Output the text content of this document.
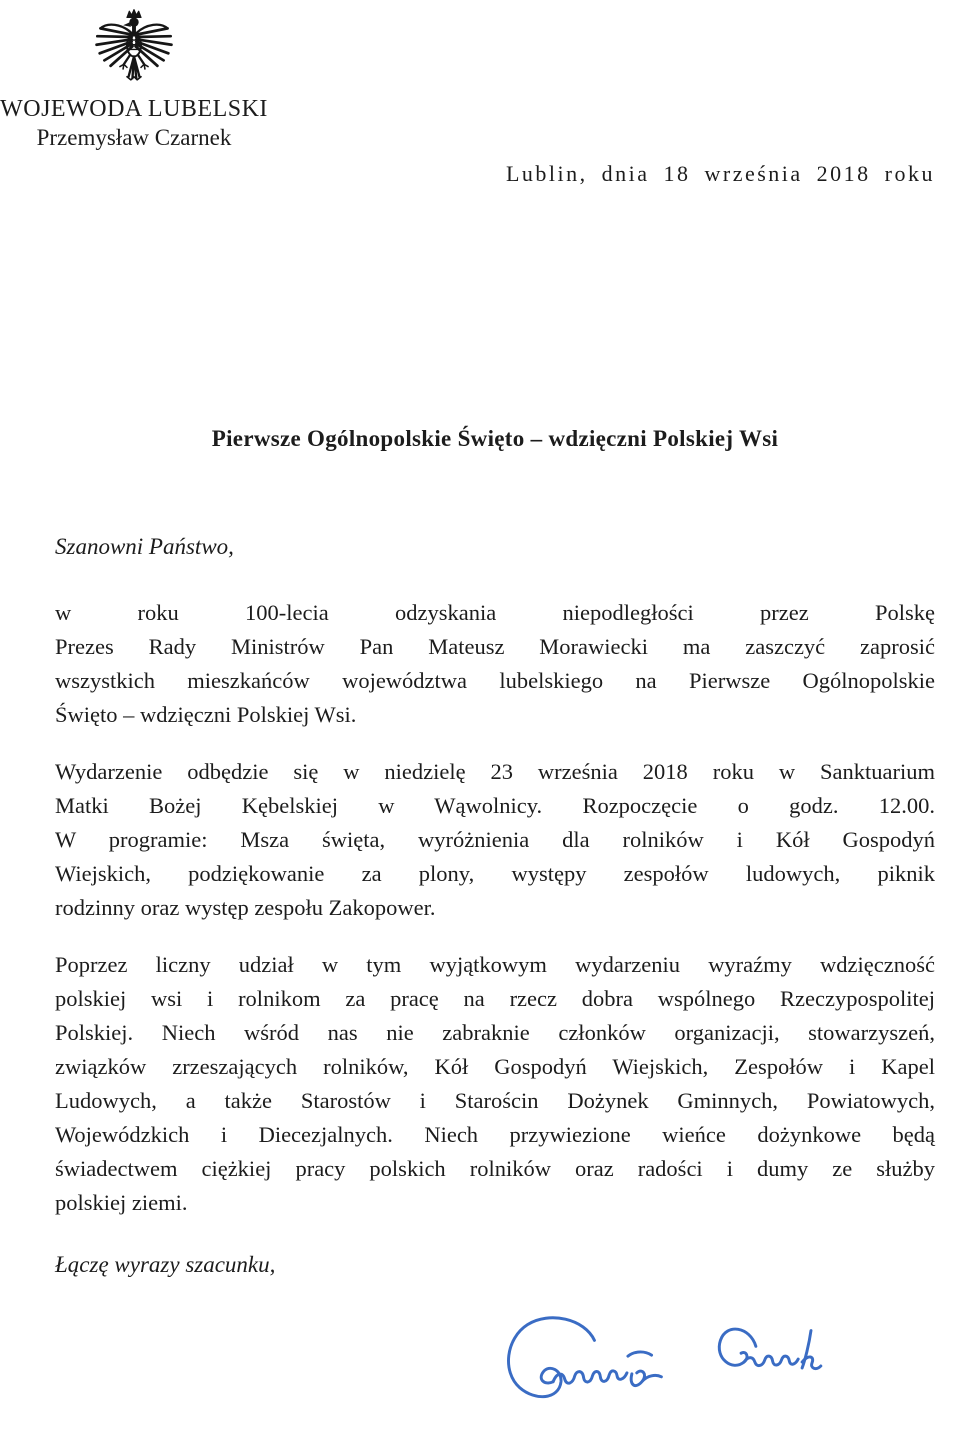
WOJEWODA LUBELSKI
Przemysław Czarnek
Lublin, dnia 18 września 2018 roku
Pierwsze Ogólnopolskie Święto – wdzięczni Polskiej Wsi

Szanowni Państwo,

w roku 100-lecia odzyskania niepodległości przez Polskę
Prezes Rady Ministrów Pan Mateusz Morawiecki ma zaszczyć zaprosić
wszystkich mieszkańców województwa lubelskiego na Pierwsze Ogólnopolskie
Święto – wdzięczni Polskiej Wsi.
Wydarzenie odbędzie się w niedzielę 23 września 2018 roku w Sanktuarium
Matki Bożej Kębelskiej w Wąwolnicy. Rozpoczęcie o godz. 12.00.
W programie: Msza święta, wyróżnienia dla rolników i Kół Gospodyń
Wiejskich, podziękowanie za plony, występy zespołów ludowych, piknik
rodzinny oraz występ zespołu Zakopower.
Poprzez liczny udział w tym wyjątkowym wydarzeniu wyraźmy wdzięczność
polskiej wsi i rolnikom za pracę na rzecz dobra wspólnego Rzeczypospolitej
Polskiej. Niech wśród nas nie zabraknie członków organizacji, stowarzyszeń,
związków zrzeszających rolników, Kół Gospodyń Wiejskich, Zespołów i Kapel
Ludowych, a także Starostów i Starościn Dożynek Gminnych, Powiatowych,
Wojewódzkich i Diecezjalnych. Niech przywiezione wieńce dożynkowe będą
świadectwem ciężkiej pracy polskich rolników oraz radości i dumy ze służby
polskiej ziemi.

Łączę wyrazy szacunku,
